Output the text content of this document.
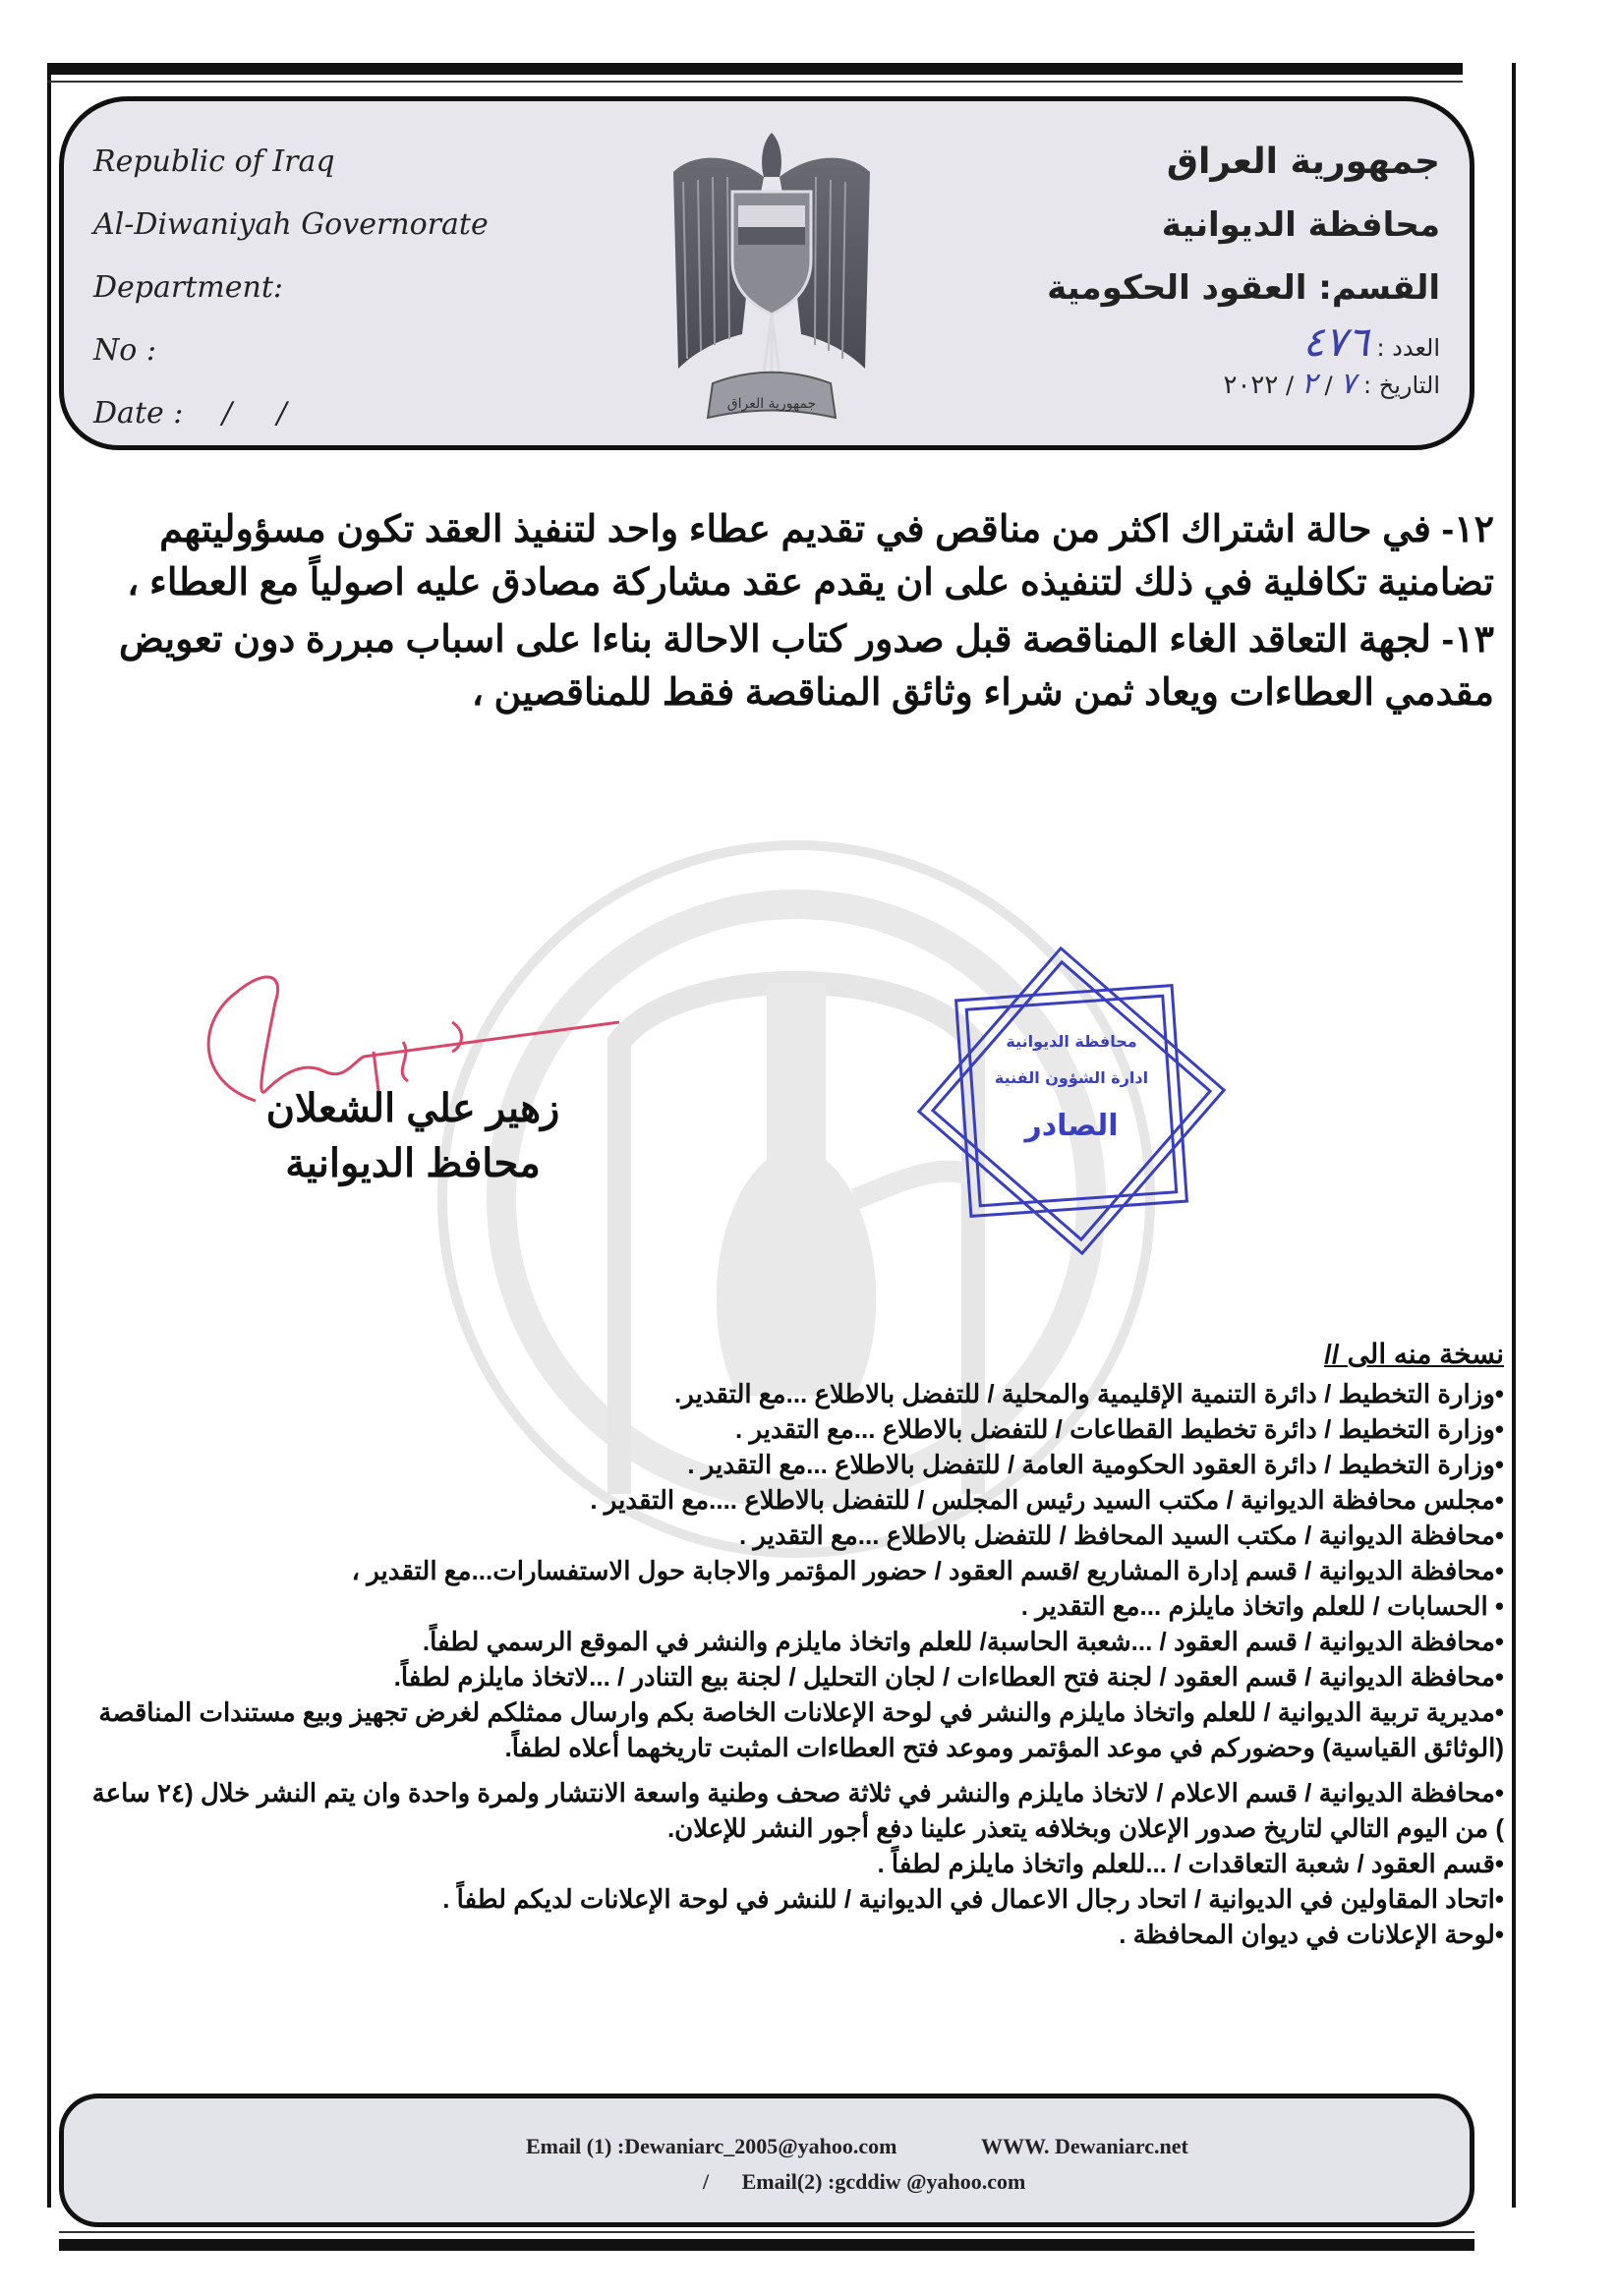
Republic of Iraq
Al-Diwaniyah Governorate
Department:
No :
Date : / /	جمهورية العراق
جمهورية العراق
محافظة الديوانية
القسم: العقود الحكومية
العدد : ٤٧٦
التاريخ : ٧ / ٢ / ٢٠٢٢
١٢- في حالة اشتراك اكثر من مناقص في تقديم عطاء واحد لتنفيذ العقد تكون مسؤوليتهم تضامنية تكافلية في ذلك لتنفيذه على ان يقدم عقد مشاركة مصادق عليه اصولياً مع العطاء ،
١٣- لجهة التعاقد الغاء المناقصة قبل صدور كتاب الاحالة بناءا على اسباب مبررة دون تعويض مقدمي العطاءات ويعاد ثمن شراء وثائق المناقصة فقط للمناقصين ،
زهير علي الشعلان
محافظ الديوانية
محافظة الديوانية
ادارة الشؤون الفنية
الصادر
نسخة منه الى //
•وزارة التخطيط / دائرة التنمية الإقليمية والمحلية / للتفضل بالاطلاع ...مع التقدير.
•وزارة التخطيط / دائرة تخطيط القطاعات / للتفضل بالاطلاع ...مع التقدير .
•وزارة التخطيط / دائرة العقود الحكومية العامة / للتفضل بالاطلاع ...مع التقدير .
•مجلس محافظة الديوانية / مكتب السيد رئيس المجلس / للتفضل بالاطلاع ....مع التقدير .
•محافظة الديوانية / مكتب السيد المحافظ / للتفضل بالاطلاع ...مع التقدير .
•محافظة الديوانية / قسم إدارة المشاريع /قسم العقود / حضور المؤتمر والاجابة حول الاستفسارات...مع التقدير ،
• الحسابات / للعلم واتخاذ مايلزم ...مع التقدير .
•محافظة الديوانية / قسم العقود / ...شعبة الحاسبة/ للعلم واتخاذ مايلزم والنشر في الموقع الرسمي لطفاً.
•محافظة الديوانية / قسم العقود / لجنة فتح العطاءات / لجان التحليل / لجنة بيع التنادر / ...لاتخاذ مايلزم لطفاً.
•مديرية تربية الديوانية / للعلم واتخاذ مايلزم والنشر في لوحة الإعلانات الخاصة بكم وارسال ممثلكم لغرض تجهيز وبيع مستندات المناقصة (الوثائق القياسية) وحضوركم في موعد المؤتمر وموعد فتح العطاءات المثبت تاريخهما أعلاه لطفاً.
•محافظة الديوانية / قسم الاعلام / لاتخاذ مايلزم والنشر في ثلاثة صحف وطنية واسعة الانتشار ولمرة واحدة وان يتم النشر خلال (٢٤ ساعة ) من اليوم التالي لتاريخ صدور الإعلان وبخلافه يتعذر علينا دفع أجور النشر للإعلان.
•قسم العقود / شعبة التعاقدات / ...للعلم واتخاذ مايلزم لطفاً .
•اتحاد المقاولين في الديوانية / اتحاد رجال الاعمال في الديوانية / للنشر في لوحة الإعلانات لديكم لطفاً .
•لوحة الإعلانات في ديوان المحافظة .
Email (1) :Dewaniarc_2005@yahoo.com	WWW. Dewaniarc.net
/ Email(2) :gcddiw @yahoo.com
